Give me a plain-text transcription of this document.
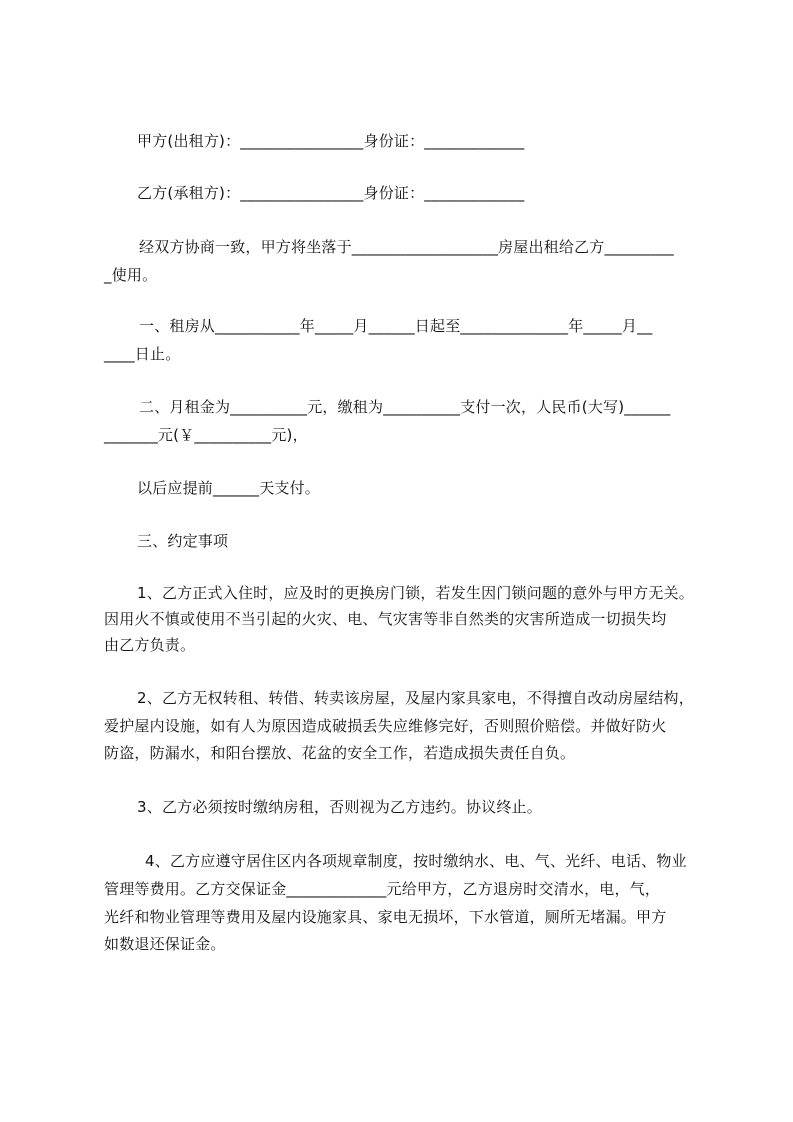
甲方(出租方)：________________身份证：_____________
乙方(承租方)：________________身份证：_____________
经双方协商一致，甲方将坐落于___________________房屋出租给乙方_________
_使用。
一、租房从___________年_____月______日起至______________年_____月__
____日止。
二、月租金为__________元，缴租为__________支付一次，人民币(大写)______
_______元(￥__________元)，
以后应提前______天支付。
三、约定事项
1、乙方正式入住时，应及时的更换房门锁，若发生因门锁问题的意外与甲方无关。
因用火不慎或使用不当引起的火灾、电、气灾害等非自然类的灾害所造成一切损失均
由乙方负责。
2、乙方无权转租、转借、转卖该房屋，及屋内家具家电，不得擅自改动房屋结构，
爱护屋内设施，如有人为原因造成破损丢失应维修完好，否则照价赔偿。并做好防火
防盗，防漏水，和阳台摆放、花盆的安全工作，若造成损失责任自负。
3、乙方必须按时缴纳房租，否则视为乙方违约。协议终止。
4、乙方应遵守居住区内各项规章制度，按时缴纳水、电、气、光纤、电话、物业
管理等费用。乙方交保证金_____________元给甲方，乙方退房时交清水，电，气，
光纤和物业管理等费用及屋内设施家具、家电无损坏，下水管道，厕所无堵漏。甲方
如数退还保证金。
